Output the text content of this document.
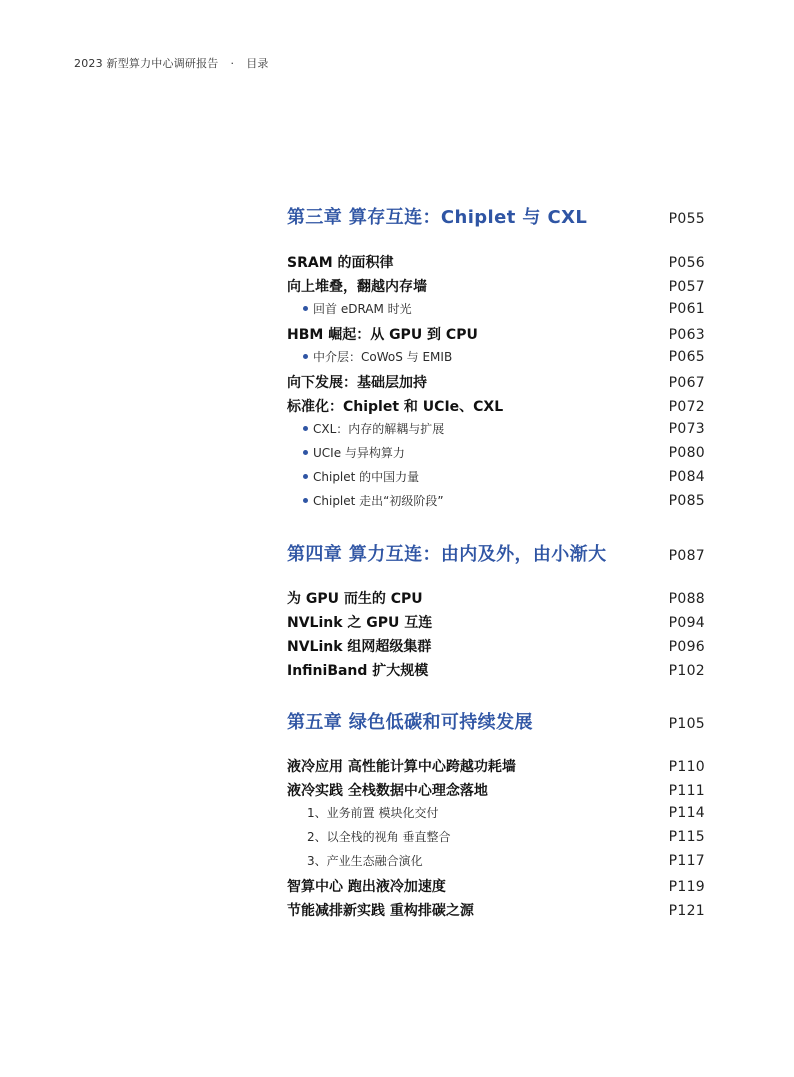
2023 新型算力中心调研报告 · 目录
第三章 算存互连：Chiplet 与 CXL	P055
SRAM 的面积律	P056
向上堆叠，翻越内存墙	P057
回首 eDRAM 时光	P061
HBM 崛起：从 GPU 到 CPU	P063
中介层：CoWoS 与 EMIB	P065
向下发展：基础层加持	P067
标准化：Chiplet 和 UCIe、CXL	P072
CXL：内存的解耦与扩展	P073
UCIe 与异构算力	P080
Chiplet 的中国力量	P084
Chiplet 走出“初级阶段”	P085
第四章 算力互连：由内及外，由小渐大	P087
为 GPU 而生的 CPU	P088
NVLink 之 GPU 互连	P094
NVLink 组网超级集群	P096
InfiniBand 扩大规模	P102
第五章 绿色低碳和可持续发展	P105
液冷应用 高性能计算中心跨越功耗墙	P110
液冷实践 全栈数据中心理念落地	P111
1、业务前置 模块化交付	P114
2、以全栈的视角 垂直整合	P115
3、产业生态融合演化	P117
智算中心 跑出液冷加速度	P119
节能减排新实践 重构排碳之源	P121
